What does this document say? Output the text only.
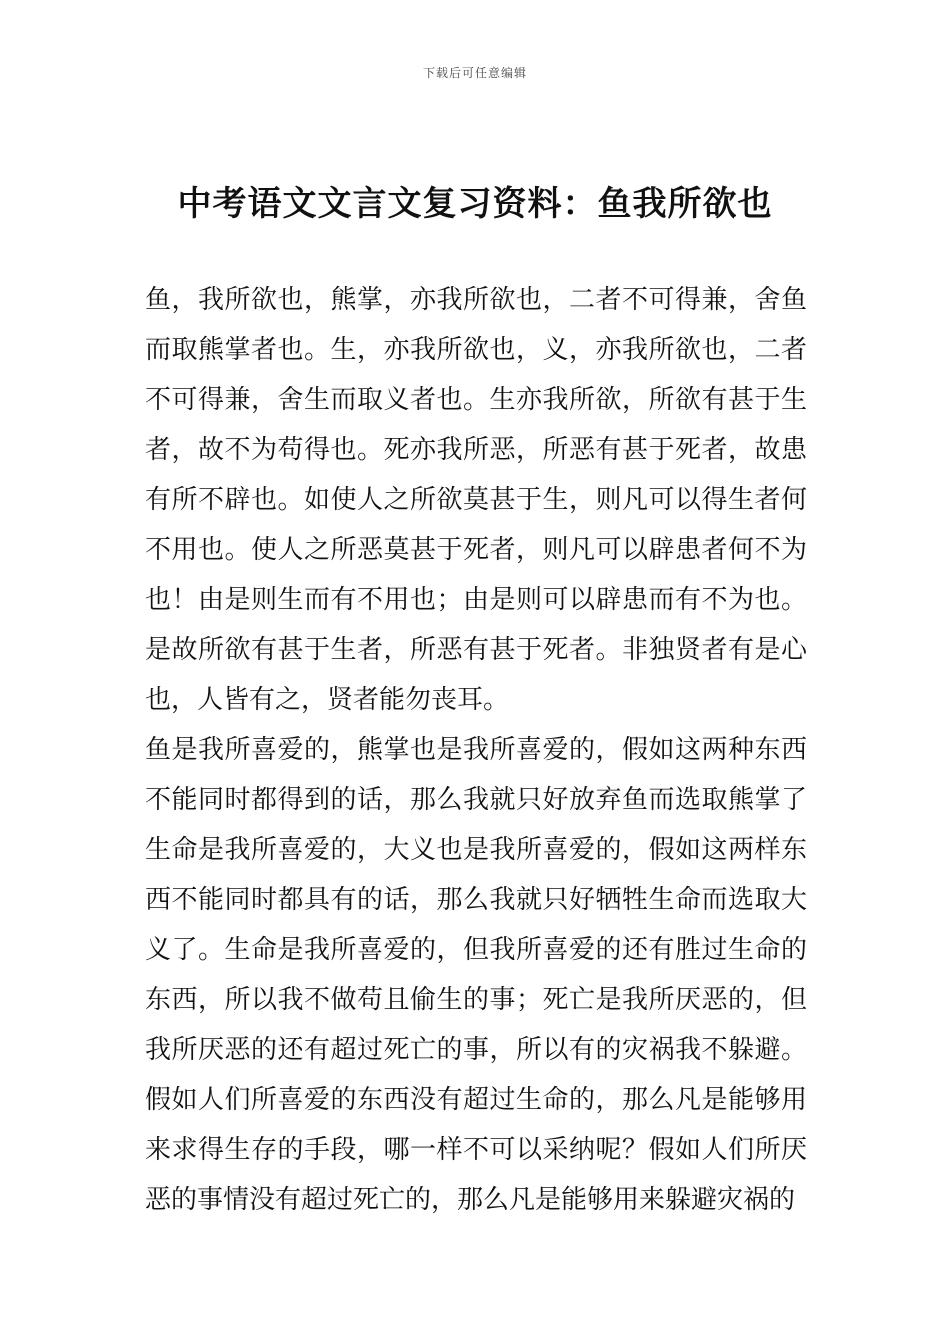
下载后可任意编辑
中考语文文言文复习资料：鱼我所欲也

鱼，我所欲也，熊掌，亦我所欲也，二者不可得兼，舍鱼而取熊掌者也。生，亦我所欲也，义，亦我所欲也，二者不可得兼，舍生而取义者也。生亦我所欲，所欲有甚于生者，故不为苟得也。死亦我所恶，所恶有甚于死者，故患有所不辟也。如使人之所欲莫甚于生，则凡可以得生者何不用也。使人之所恶莫甚于死者，则凡可以辟患者何不为也！由是则生而有不用也；由是则可以辟患而有不为也。是故所欲有甚于生者，所恶有甚于死者。非独贤者有是心也，人皆有之，贤者能勿丧耳。

鱼是我所喜爱的，熊掌也是我所喜爱的，假如这两种东西不能同时都得到的话，那么我就只好放弃鱼而选取熊掌了生命是我所喜爱的，大义也是我所喜爱的，假如这两样东西不能同时都具有的话，那么我就只好牺牲生命而选取大义了。生命是我所喜爱的，但我所喜爱的还有胜过生命的东西，所以我不做苟且偷生的事；死亡是我所厌恶的，但我所厌恶的还有超过死亡的事，所以有的灾祸我不躲避。假如人们所喜爱的东西没有超过生命的，那么凡是能够用来求得生存的手段，哪一样不可以采纳呢？假如人们所厌恶的事情没有超过死亡的，那么凡是能够用来躲避灾祸的
